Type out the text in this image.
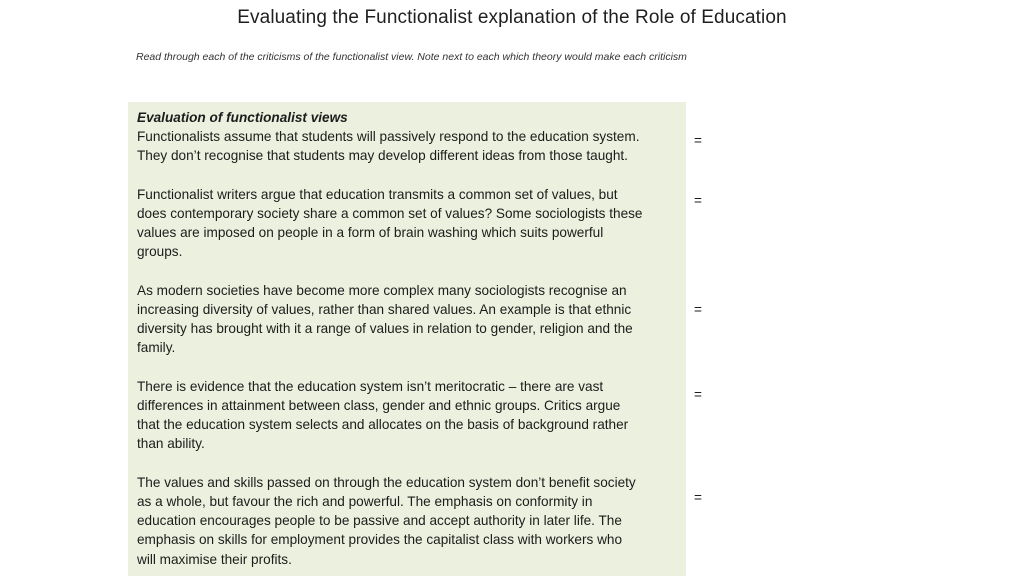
Evaluating the Functionalist explanation of the Role of Education
Read through each of the criticisms of the functionalist view. Note next to each which theory would make each criticism
Evaluation of functionalist views
Functionalists assume that students will passively respond to the education system.
They don’t recognise that students may develop different ideas from those taught.
Functionalist writers argue that education transmits a common set of values, but
does contemporary society share a common set of values? Some sociologists these
values are imposed on people in a form of brain washing which suits powerful
groups.
As modern societies have become more complex many sociologists recognise an
increasing diversity of values, rather than shared values. An example is that ethnic
diversity has brought with it a range of values in relation to gender, religion and the
family.
There is evidence that the education system isn’t meritocratic – there are vast
differences in attainment between class, gender and ethnic groups. Critics argue
that the education system selects and allocates on the basis of background rather
than ability.
The values and skills passed on through the education system don’t benefit society
as a whole, but favour the rich and powerful. The emphasis on conformity in
education encourages people to be passive and accept authority in later life. The
emphasis on skills for employment provides the capitalist class with workers who
will maximise their profits.
=
=
=
=
=
